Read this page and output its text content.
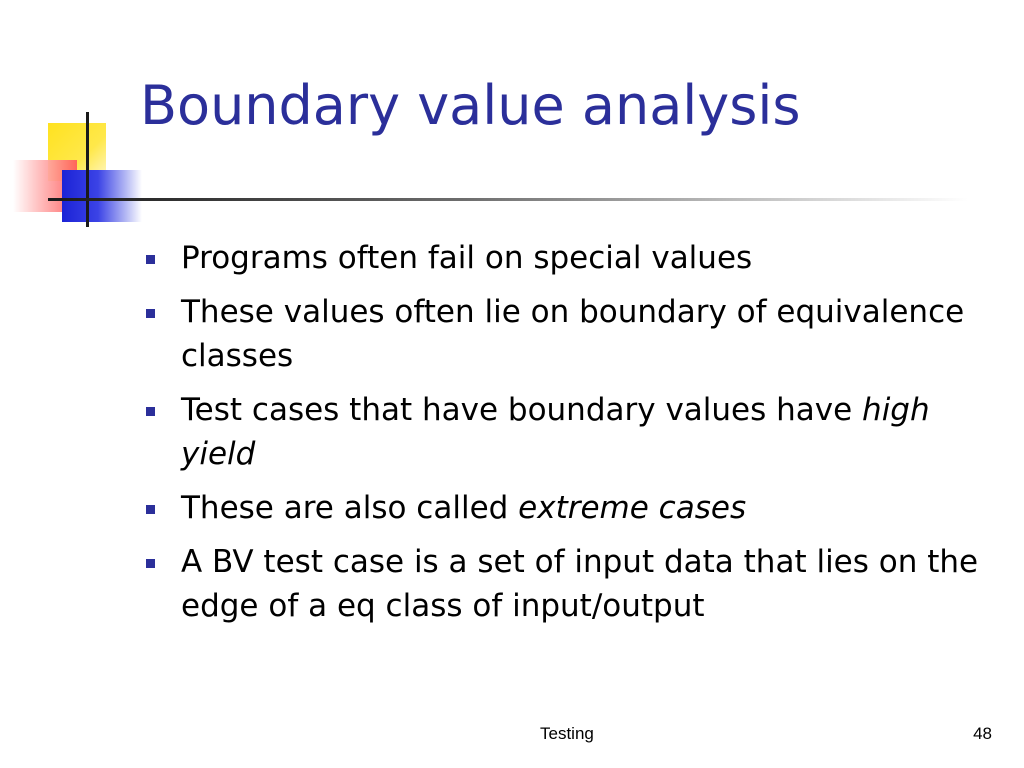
Boundary value analysis
Programs often fail on special values
These values often lie on boundary of equivalence classes
Test cases that have boundary values have high yield
These are also called extreme cases
A BV test case is a set of input data that lies on the edge of a eq class of input/output
Testing	48
